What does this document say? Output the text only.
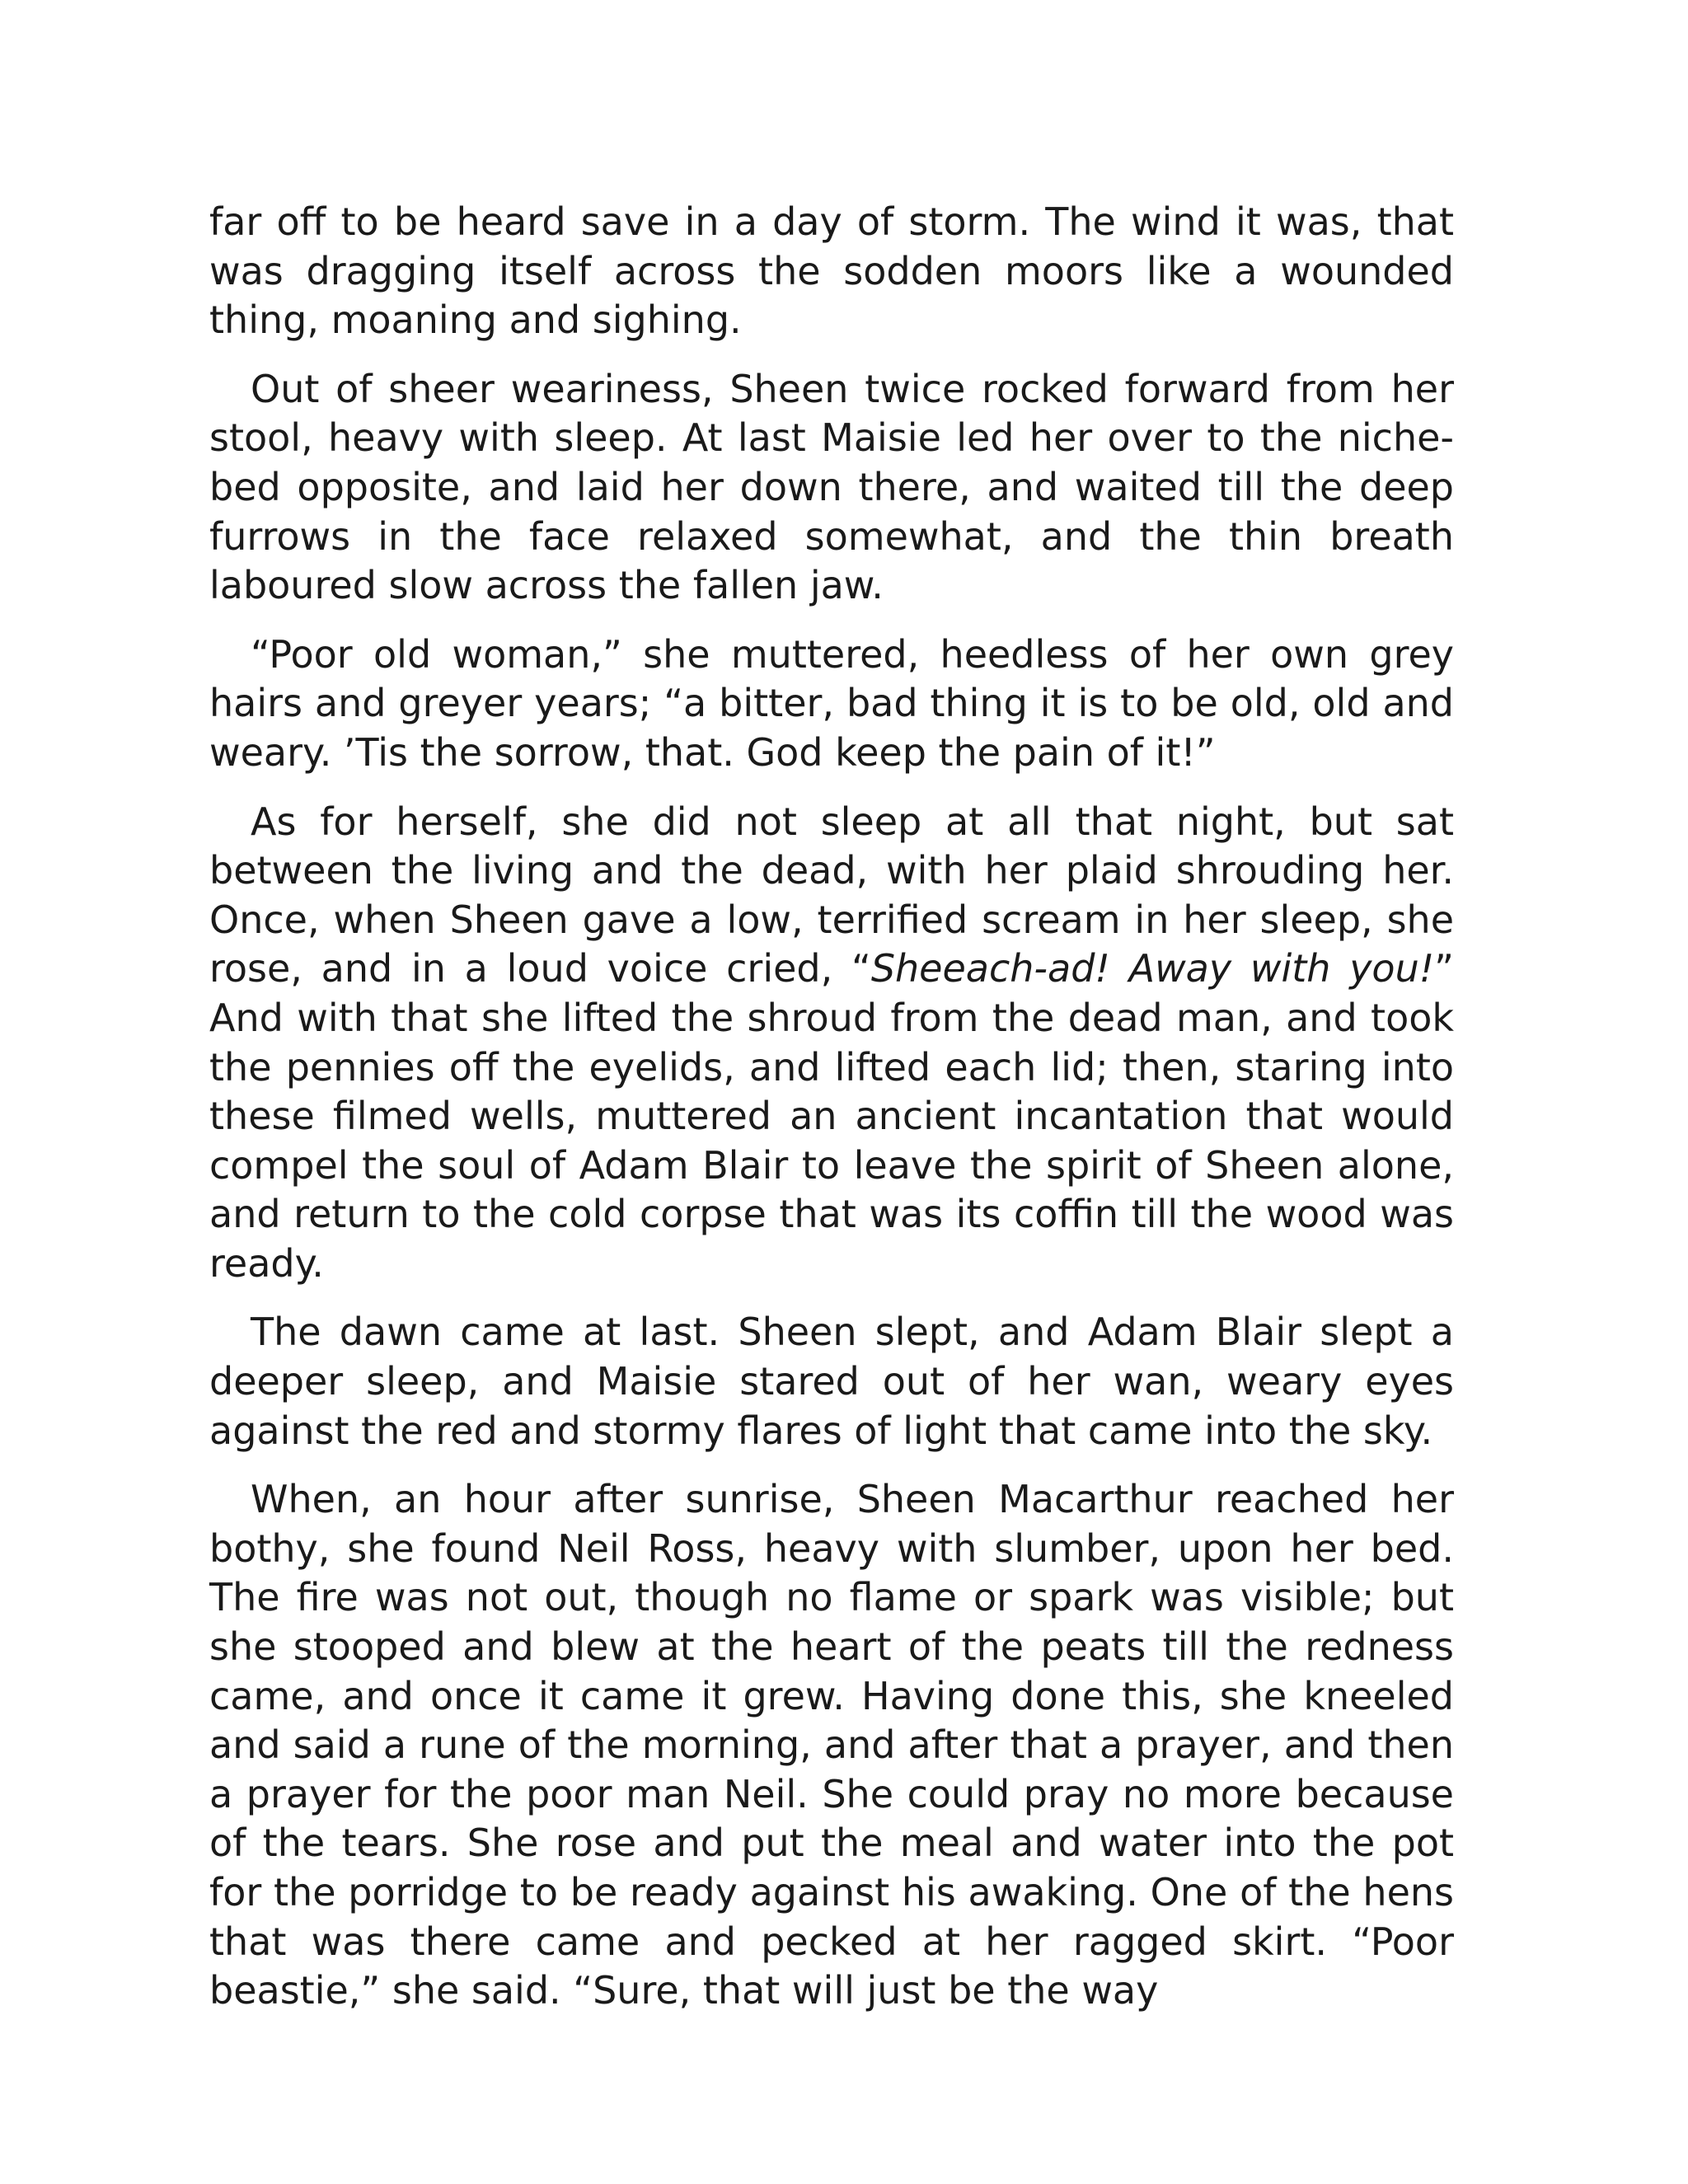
far off to be heard save in a day of storm. The wind it was, that was dragging itself across the sodden moors like a wounded thing, moaning and sighing.

Out of sheer weariness, Sheen twice rocked forward from her stool, heavy with sleep. At last Maisie led her over to the niche-bed opposite, and laid her down there, and waited till the deep furrows in the face relaxed somewhat, and the thin breath laboured slow across the fallen jaw.

“Poor old woman,” she muttered, heedless of her own grey hairs and greyer years; “a bitter, bad thing it is to be old, old and weary. ’Tis the sorrow, that. God keep the pain of it!”

As for herself, she did not sleep at all that night, but sat between the living and the dead, with her plaid shrouding her. Once, when Sheen gave a low, terrified scream in her sleep, she rose, and in a loud voice cried, “Sheeach-ad! Away with you!” And with that she lifted the shroud from the dead man, and took the pennies off the eyelids, and lifted each lid; then, staring into these filmed wells, muttered an ancient incantation that would compel the soul of Adam Blair to leave the spirit of Sheen alone, and return to the cold corpse that was its coffin till the wood was ready.

The dawn came at last. Sheen slept, and Adam Blair slept a deeper sleep, and Maisie stared out of her wan, weary eyes against the red and stormy flares of light that came into the sky.

When, an hour after sunrise, Sheen Macarthur reached her bothy, she found Neil Ross, heavy with slumber, upon her bed. The fire was not out, though no flame or spark was visible; but she stooped and blew at the heart of the peats till the redness came, and once it came it grew. Having done this, she kneeled and said a rune of the morning, and after that a prayer, and then a prayer for the poor man Neil. She could pray no more because of the tears. She rose and put the meal and water into the pot for the porridge to be ready against his awaking. One of the hens that was there came and pecked at her ragged skirt. “Poor beastie,” she said. “Sure, that will just be the way
